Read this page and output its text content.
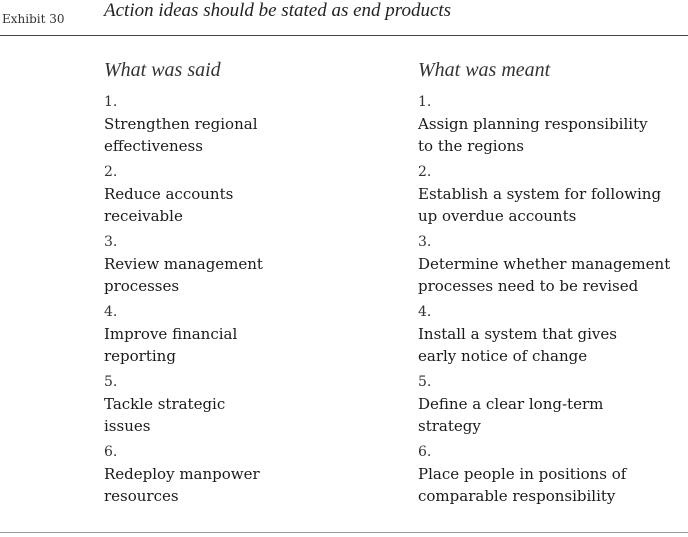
Exhibit 30 Action ideas should be stated as end products
What was said
1.
Strengthen regional
effectiveness
2.
Reduce accounts
receivable
3.
Review management
processes
4.
Improve financial
reporting
5.
Tackle strategic
issues
6.
Redeploy manpower
resources
What was meant
1.
Assign planning responsibility
to the regions
2.
Establish a system for following
up overdue accounts
3.
Determine whether management
processes need to be revised
4.
Install a system that gives
early notice of change
5.
Define a clear long-term
strategy
6.
Place people in positions of
comparable responsibility
